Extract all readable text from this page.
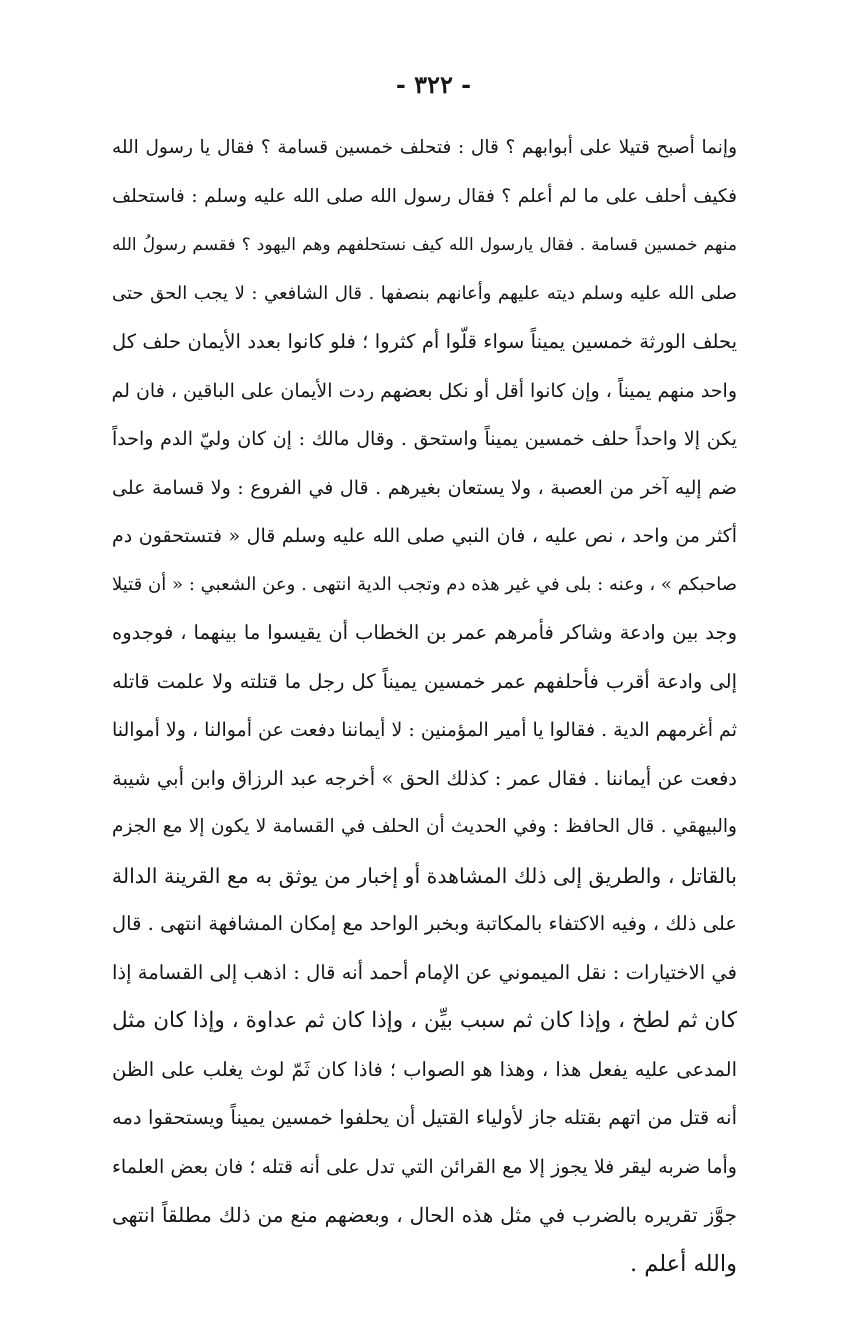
- ٣٢٢ -
وإنما أصبح قتيلا على أبوابهم ؟ قال : فتحلف خمسين قسامة ؟ فقال يا رسول الله
فكيف أحلف على ما لم أعلم ؟ فقال رسول الله صلى الله عليه وسلم : فاستحلف
منهم خمسين قسامة . فقال يارسول الله كيف نستحلفهم وهم اليهود ؟ فقسم رسولُ الله
صلى الله عليه وسلم ديته عليهم وأعانهم بنصفها . قال الشافعي : لا يجب الحق حتى
يحلف الورثة خمسين يميناً سواء قلّوا أم كثروا ؛ فلو كانوا بعدد الأيمان حلف كل
واحد منهم يميناً ، وإن كانوا أقل أو نكل بعضهم ردت الأيمان على الباقين ، فان لم
يكن إلا واحداً حلف خمسين يميناً واستحق . وقال مالك : إن كان وليّ الدم واحداً
ضم إليه آخر من العصبة ، ولا يستعان بغيرهم . قال في الفروع : ولا قسامة على
أكثر من واحد ، نص عليه ، فان النبي صلى الله عليه وسلم قال « فتستحقون دم
صاحبكم » ، وعنه : بلى في غير هذه دم وتجب الدية انتهى . وعن الشعبي : « أن قتيلا
وجد بين وادعة وشاكر فأمرهم عمر بن الخطاب أن يقيسوا ما بينهما ، فوجدوه
إلى وادعة أقرب فأحلفهم عمر خمسين يميناً كل رجل ما قتلته ولا علمت قاتله
ثم أغرمهم الدية . فقالوا يا أمير المؤمنين : لا أيماننا دفعت عن أموالنا ، ولا أموالنا
دفعت عن أيماننا . فقال عمر : كذلك الحق » أخرجه عبد الرزاق وابن أبي شيبة
والبيهقي . قال الحافظ : وفي الحديث أن الحلف في القسامة لا يكون إلا مع الجزم
بالقاتل ، والطريق إلى ذلك المشاهدة أو إخبار من يوثق به مع القرينة الدالة
على ذلك ، وفيه الاكتفاء بالمكاتبة وبخبر الواحد مع إمكان المشافهة انتهى . قال
في الاختيارات : نقل الميموني عن الإمام أحمد أنه قال : اذهب إلى القسامة إذا
كان ثم لطخ ، وإذا كان ثم سبب بيِّن ، وإذا كان ثم عداوة ، وإذا كان مثل
المدعى عليه يفعل هذا ، وهذا هو الصواب ؛ فاذا كان ثَمّ لوث يغلب على الظن
أنه قتل من اتهم بقتله جاز لأولياء القتيل أن يحلفوا خمسين يميناً ويستحقوا دمه
وأما ضربه ليقر فلا يجوز إلا مع القرائن التي تدل على أنه قتله ؛ فان بعض العلماء
جوَّز تقريره بالضرب في مثل هذه الحال ، وبعضهم منع من ذلك مطلقاً انتهى
والله أعلم .
